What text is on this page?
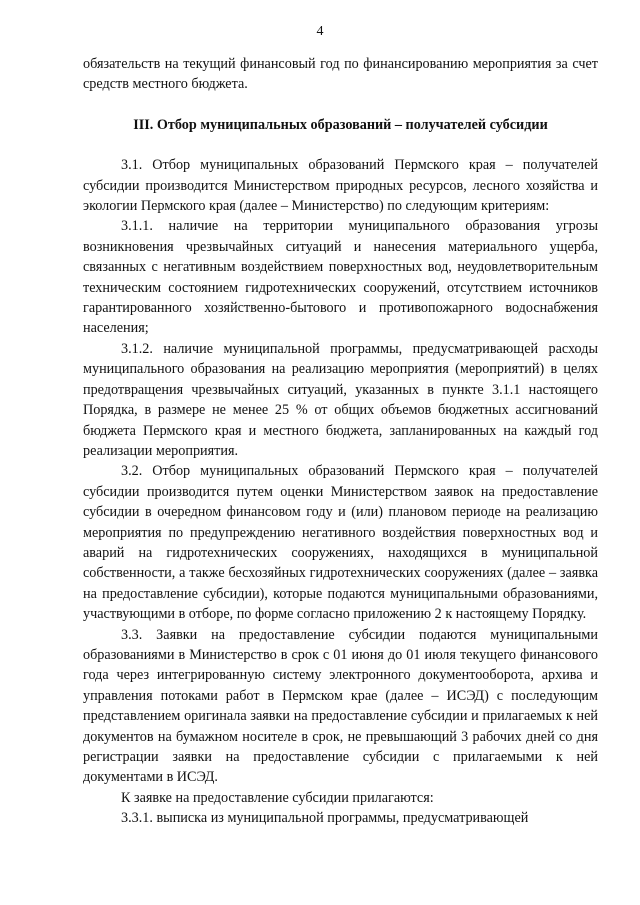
4

обязательств на текущий финансовый год по финансированию мероприятия за счет средств местного бюджета.

III. Отбор муниципальных образований – получателей субсидии

3.1. Отбор муниципальных образований Пермского края – получателей субсидии производится Министерством природных ресурсов, лесного хозяйства и экологии Пермского края (далее – Министерство) по следующим критериям:

3.1.1. наличие на территории муниципального образования угрозы возникновения чрезвычайных ситуаций и нанесения материального ущерба, связанных с негативным воздействием поверхностных вод, неудовлетворительным техническим состоянием гидротехнических сооружений, отсутствием источников гарантированного хозяйственно-бытового и противопожарного водоснабжения населения;

3.1.2. наличие муниципальной программы, предусматривающей расходы муниципального образования на реализацию мероприятия (мероприятий) в целях предотвращения чрезвычайных ситуаций, указанных в пункте 3.1.1 настоящего Порядка, в размере не менее 25 % от общих объемов бюджетных ассигнований бюджета Пермского края и местного бюджета, запланированных на каждый год реализации мероприятия.

3.2. Отбор муниципальных образований Пермского края – получателей субсидии производится путем оценки Министерством заявок на предоставление субсидии в очередном финансовом году и (или) плановом периоде на реализацию мероприятия по предупреждению негативного воздействия поверхностных вод и аварий на гидротехнических сооружениях, находящихся в муниципальной собственности, а также бесхозяйных гидротехнических сооружениях (далее – заявка на предоставление субсидии), которые подаются муниципальными образованиями, участвующими в отборе, по форме согласно приложению 2 к настоящему Порядку.

3.3. Заявки на предоставление субсидии подаются муниципальными образованиями в Министерство в срок с 01 июня до 01 июля текущего финансового года через интегрированную систему электронного документооборота, архива и управления потоками работ в Пермском крае (далее – ИСЭД) с последующим представлением оригинала заявки на предоставление субсидии и прилагаемых к ней документов на бумажном носителе в срок, не превышающий 3 рабочих дней со дня регистрации заявки на предоставление субсидии с прилагаемыми к ней документами в ИСЭД.

К заявке на предоставление субсидии прилагаются:

3.3.1. выписка из муниципальной программы, предусматривающей
